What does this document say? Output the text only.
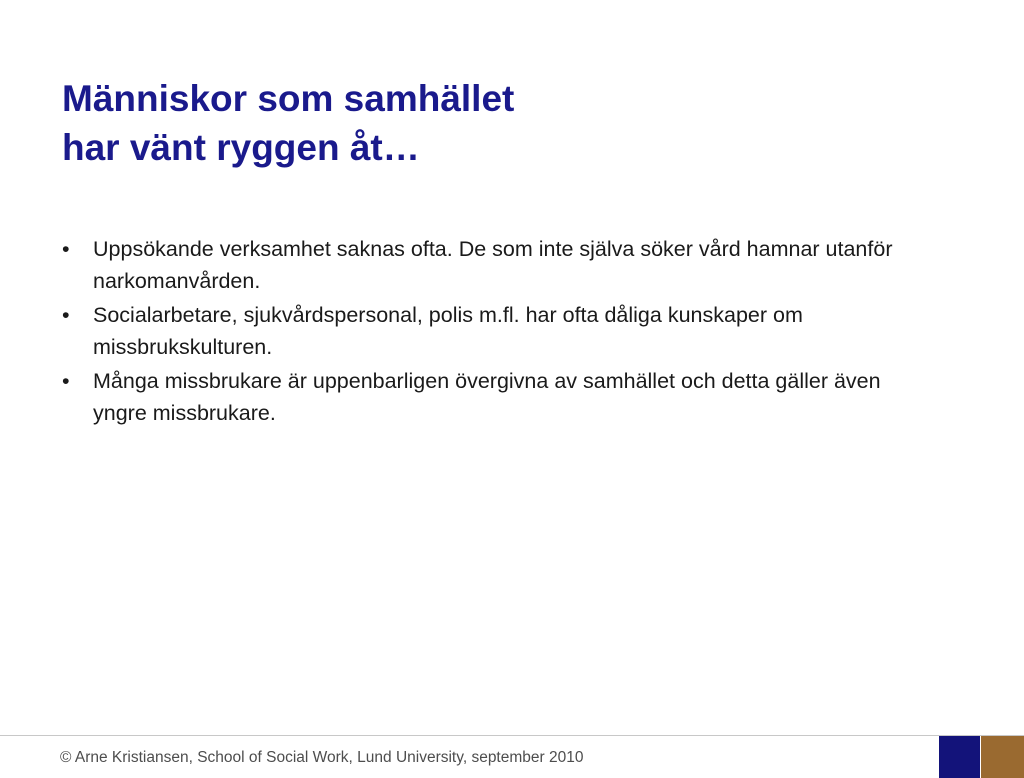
Människor som samhället
har vänt ryggen åt…
• Uppsökande verksamhet saknas ofta. De som inte själva söker vård hamnar utanför narkomanvården.
• Socialarbetare, sjukvårdspersonal, polis m.fl. har ofta dåliga kunskaper om missbrukskulturen.
• Många missbrukare är uppenbarligen övergivna av samhället och detta gäller även yngre missbrukare.
© Arne Kristiansen, School of Social Work, Lund University, september 2010
